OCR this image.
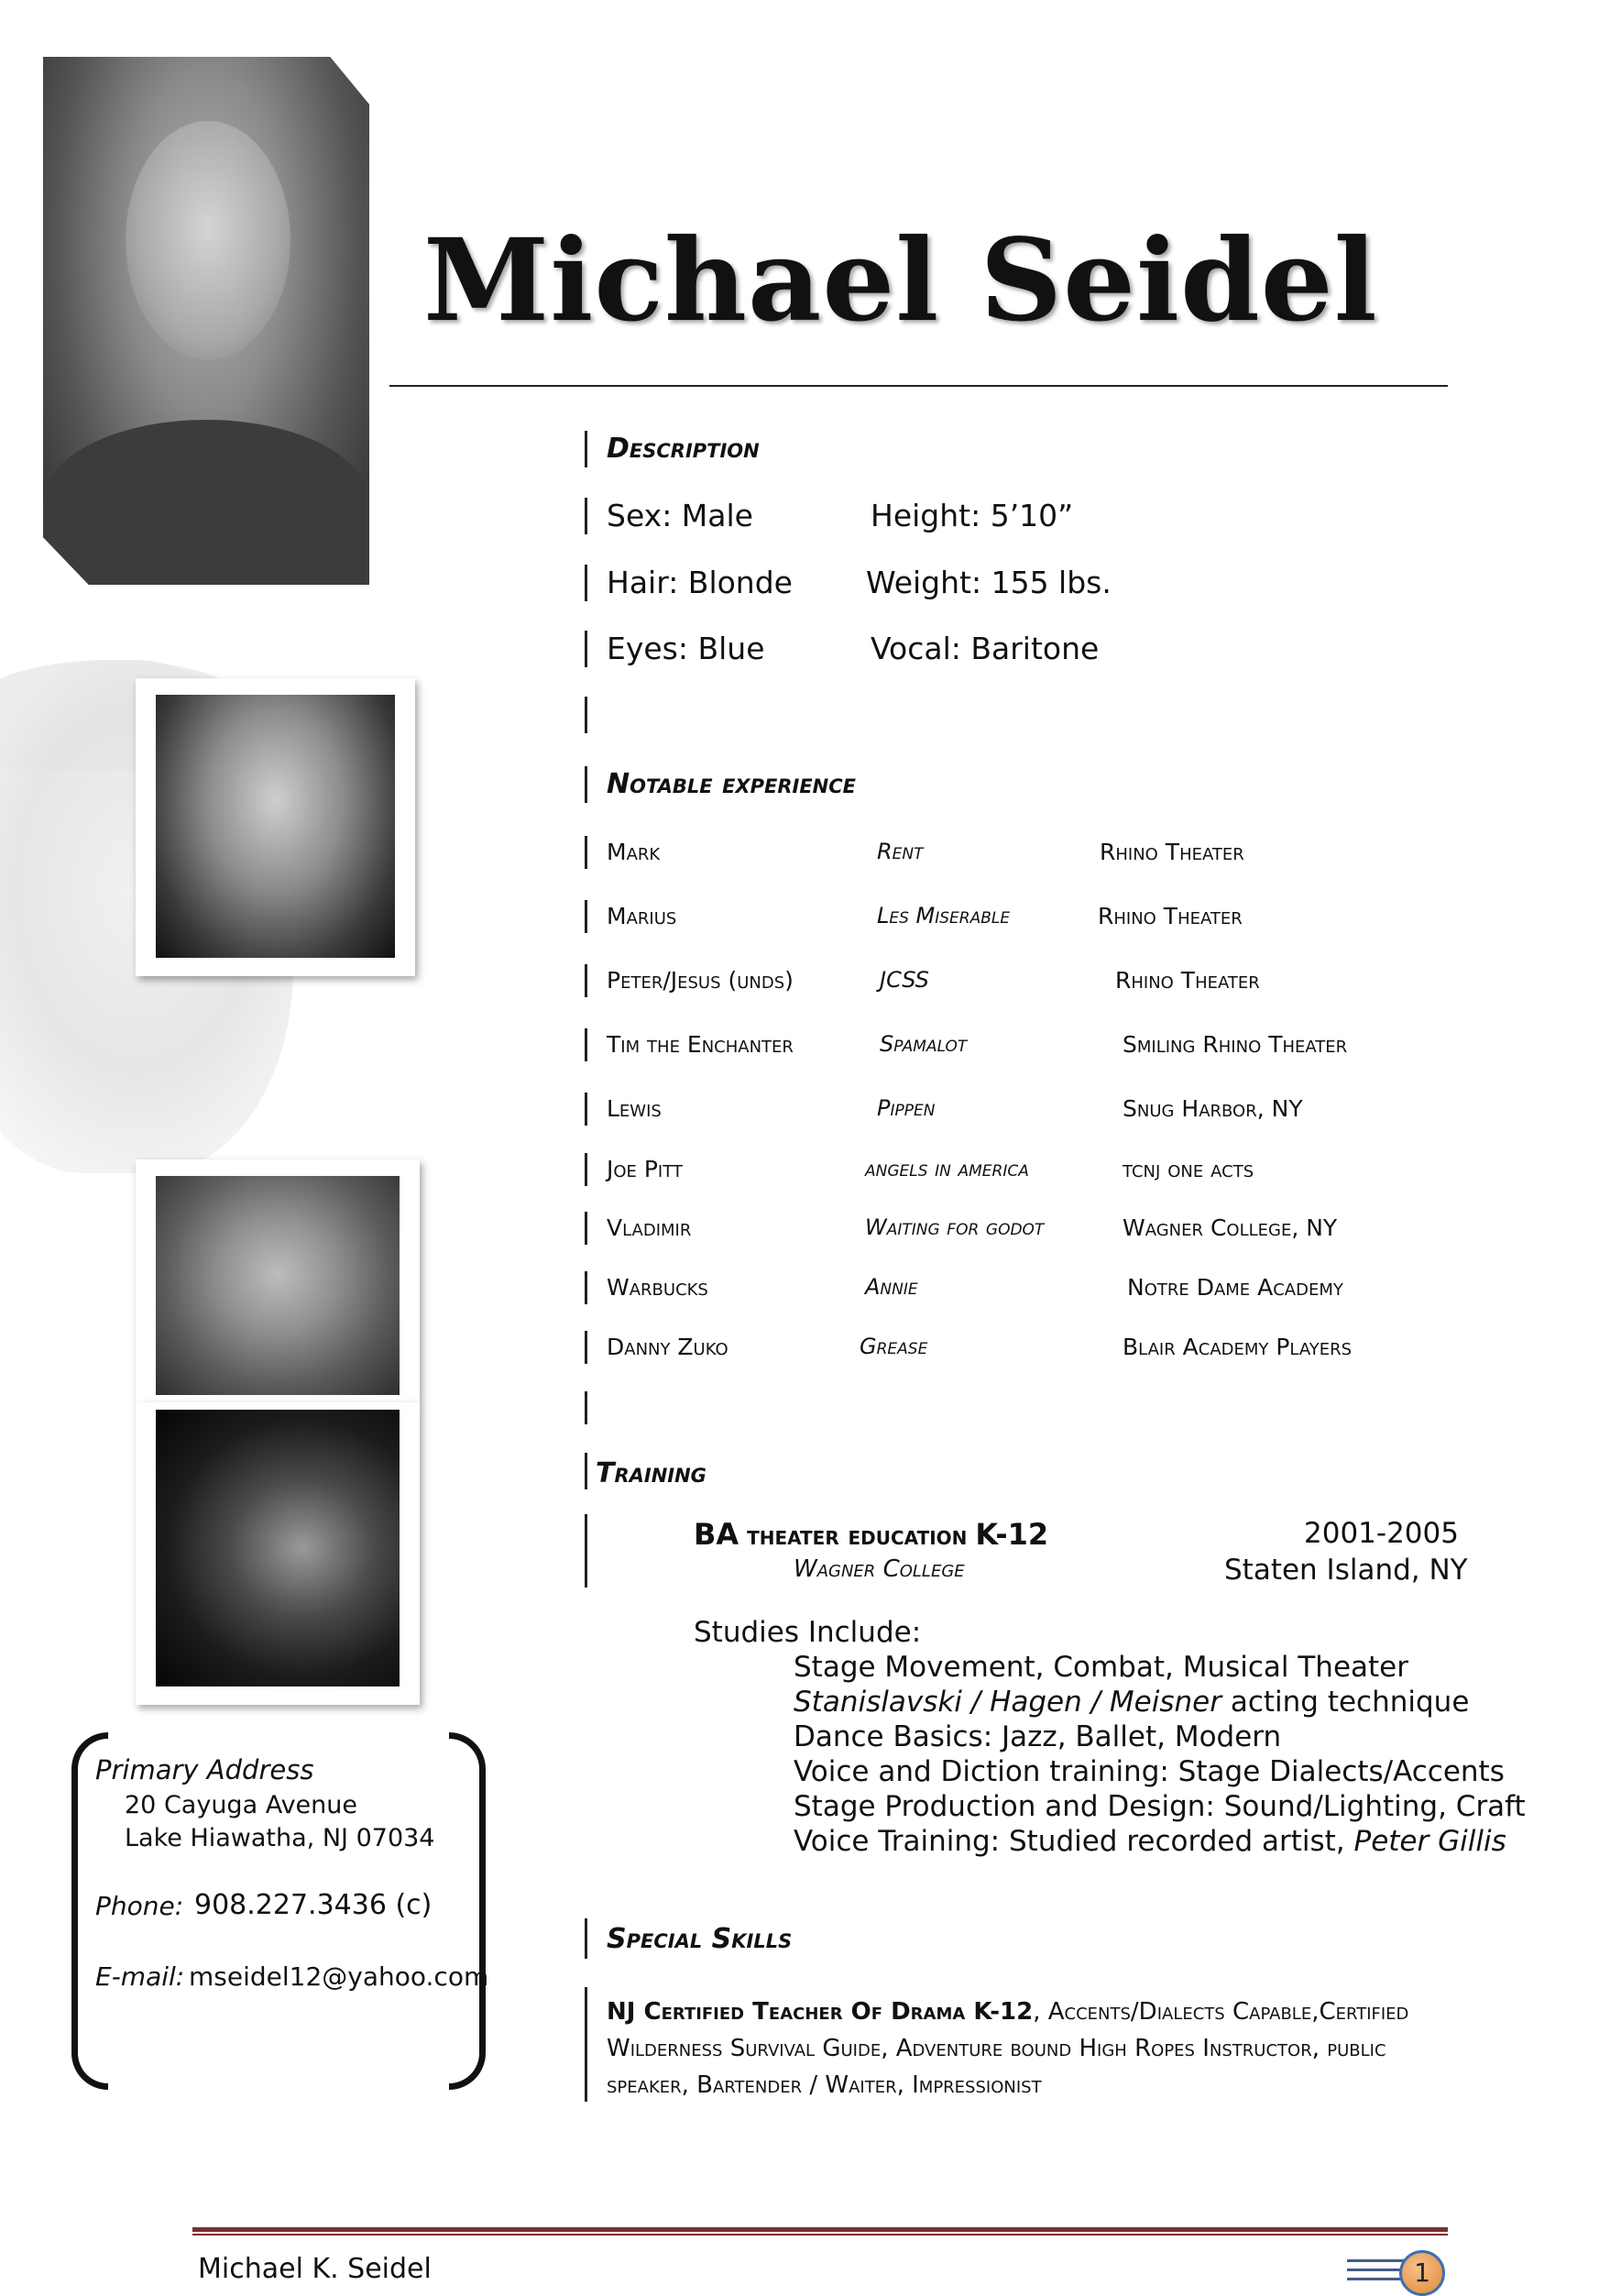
Michael Seidel
Description
Sex: Male	Height: 5’10”
Hair: Blonde Weight: 155 lbs.
Eyes: Blue	Vocal: Baritone
Notable experience
Mark	Rent	Rhino Theater
Marius	Les Miserable	Rhino Theater
Peter/Jesus (unds)	JCSS	Rhino Theater
Tim the Enchanter	Spamalot	Smiling Rhino Theater
Lewis	Pippen	Snug Harbor, NY
Joe Pitt	angels in america	tcnj one acts
Vladimir	Waiting for godot	Wagner College, NY
Warbucks	Annie	Notre Dame Academy
Danny Zuko	Grease	Blair Academy Players
Training
BA theater education K-12	2001-2005
Wagner College	Staten Island, NY
Studies Include:
Stage Movement, Combat, Musical Theater
Stanislavski / Hagen / Meisner acting technique
Dance Basics: Jazz, Ballet, Modern
Voice and Diction training: Stage Dialects/Accents
Stage Production and Design: Sound/Lighting, Craft
Voice Training: Studied recorded artist, Peter Gillis
Special Skills
NJ Certified Teacher Of Drama K-12, Accents/Dialects Capable,Certified Wilderness Survival Guide, Adventure bound High Ropes Instructor, public speaker, Bartender / Waiter, Impressionist
Primary Address
20 Cayuga Avenue
Lake Hiawatha, NJ 07034
Phone: 908.227.3436 (c)
E-mail: mseidel12@yahoo.com
Michael K. Seidel	1
